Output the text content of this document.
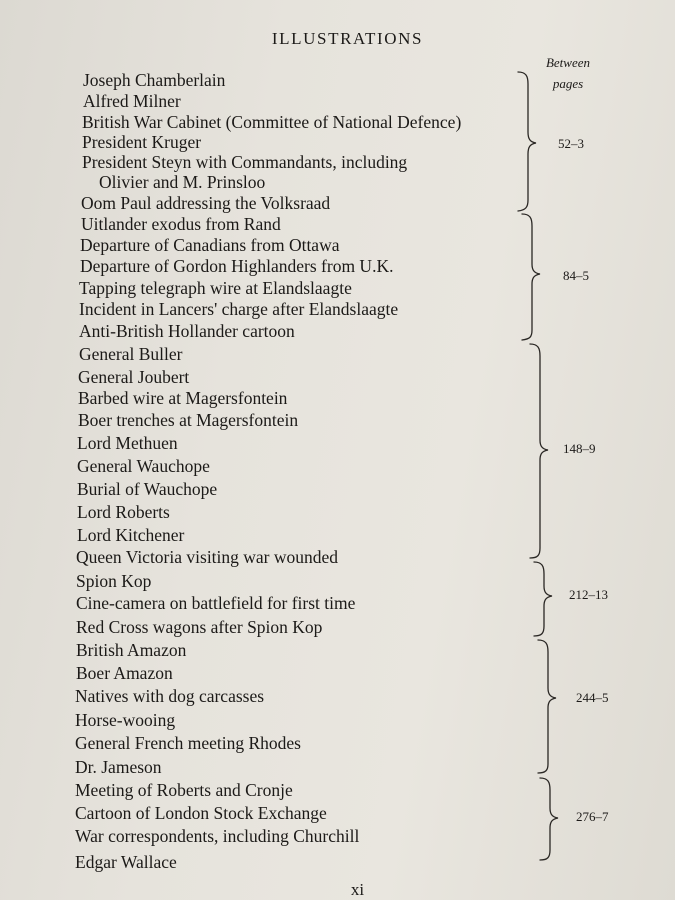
ILLUSTRATIONS
Between
pages
Joseph Chamberlain
Alfred Milner
British War Cabinet (Committee of National Defence)
President Kruger
President Steyn with Commandants, including
Olivier and M. Prinsloo
Oom Paul addressing the Volksraad
Uitlander exodus from Rand
Departure of Canadians from Ottawa
Departure of Gordon Highlanders from U.K.
Tapping telegraph wire at Elandslaagte
Incident in Lancers' charge after Elandslaagte
Anti-British Hollander cartoon
General Buller
General Joubert
Barbed wire at Magersfontein
Boer trenches at Magersfontein
Lord Methuen
General Wauchope
Burial of Wauchope
Lord Roberts
Lord Kitchener
Queen Victoria visiting war wounded
Spion Kop
Cine-camera on battlefield for first time
Red Cross wagons after Spion Kop
British Amazon
Boer Amazon
Natives with dog carcasses
Horse-wooing
General French meeting Rhodes
Dr. Jameson
Meeting of Roberts and Cronje
Cartoon of London Stock Exchange
War correspondents, including Churchill
Edgar Wallace
52–3
84–5
148–9
212–13
244–5
276–7
xi
